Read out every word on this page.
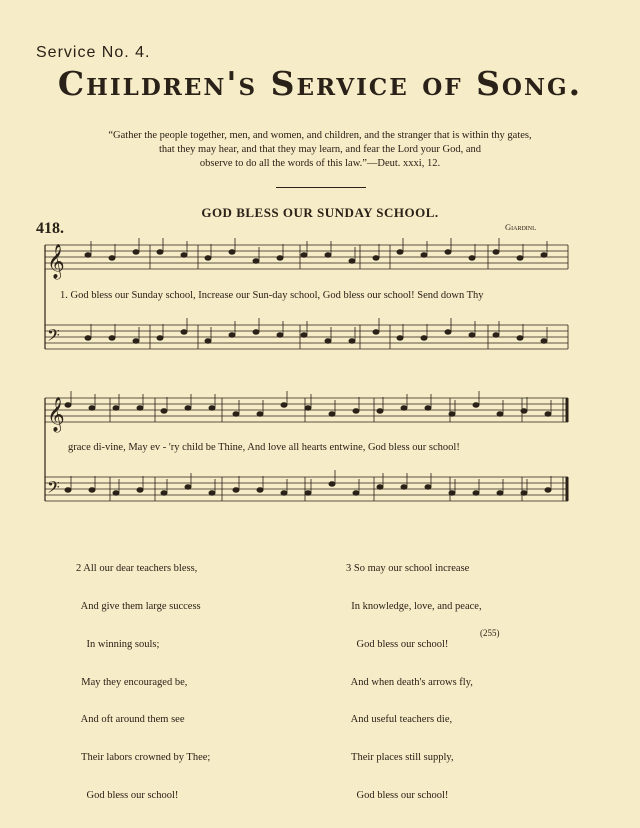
Service No. 4.
Children's Service of Song.
“Gather the people together, men, and women, and children, and the stranger that is within thy gates,
that they may hear, and that they may learn, and fear the Lord your God, and
observe to do all the words of this law.”—Deut. xxxi, 12.
418.
GOD BLESS OUR SUNDAY SCHOOL.
Giardini.
𝄞
𝄢
𝄞
𝄢
1. God bless our Sunday school, Increase our Sun-day school, God bless our school! Send down Thy
grace di-vine, May ev - 'ry child be Thine, And love all hearts entwine, God bless our school!

2 All our dear teachers bless,

And give them large success

In winning souls;

May they encouraged be,

And oft around them see

Their labors crowned by Thee;

God bless our school!

3 So may our school increase

In knowledge, love, and peace,

God bless our school!

And when death's arrows fly,

And useful teachers die,

Their places still supply,

God bless our school!

(255)
